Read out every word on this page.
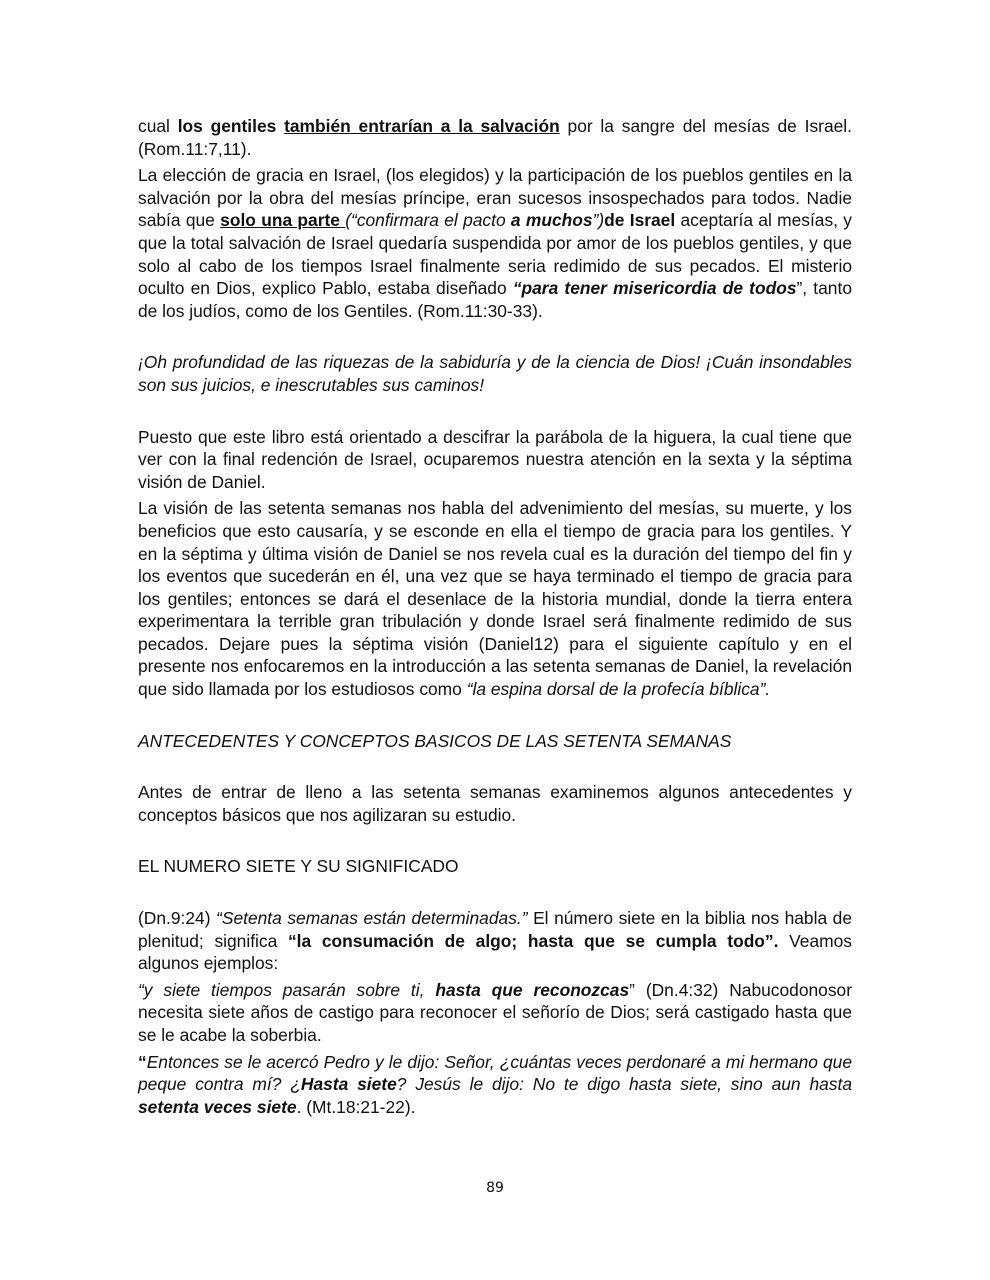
cual los gentiles también entrarían a la salvación por la sangre del mesías de Israel. (Rom.11:7,11).

La elección de gracia en Israel, (los elegidos) y la participación de los pueblos gentiles en la salvación por la obra del mesías príncipe, eran sucesos insospechados para todos. Nadie sabía que solo una parte (“confirmara el pacto a muchos”)de Israel aceptaría al mesías, y que la total salvación de Israel quedaría suspendida por amor de los pueblos gentiles, y que solo al cabo de los tiempos Israel finalmente seria redimido de sus pecados. El misterio oculto en Dios, explico Pablo, estaba diseñado “para tener misericordia de todos”, tanto de los judíos, como de los Gentiles. (Rom.11:30-33).

¡Oh profundidad de las riquezas de la sabiduría y de la ciencia de Dios! ¡Cuán insondables son sus juicios, e inescrutables sus caminos!

Puesto que este libro está orientado a descifrar la parábola de la higuera, la cual tiene que ver con la final redención de Israel, ocuparemos nuestra atención en la sexta y la séptima visión de Daniel.

La visión de las setenta semanas nos habla del advenimiento del mesías, su muerte, y los beneficios que esto causaría, y se esconde en ella el tiempo de gracia para los gentiles. Y en la séptima y última visión de Daniel se nos revela cual es la duración del tiempo del fin y los eventos que sucederán en él, una vez que se haya terminado el tiempo de gracia para los gentiles; entonces se dará el desenlace de la historia mundial, donde la tierra entera experimentara la terrible gran tribulación y donde Israel será finalmente redimido de sus pecados. Dejare pues la séptima visión (Daniel12) para el siguiente capítulo y en el presente nos enfocaremos en la introducción a las setenta semanas de Daniel, la revelación que sido llamada por los estudiosos como “la espina dorsal de la profecía bíblica”.

ANTECEDENTES Y CONCEPTOS BASICOS DE LAS SETENTA SEMANAS

Antes de entrar de lleno a las setenta semanas examinemos algunos antecedentes y conceptos básicos que nos agilizaran su estudio.

EL NUMERO SIETE Y SU SIGNIFICADO

(Dn.9:24) “Setenta semanas están determinadas.” El número siete en la biblia nos habla de plenitud; significa “la consumación de algo; hasta que se cumpla todo”. Veamos algunos ejemplos:

“y siete tiempos pasarán sobre ti, hasta que reconozcas” (Dn.4:32) Nabucodonosor necesita siete años de castigo para reconocer el señorío de Dios; será castigado hasta que se le acabe la soberbia.

“Entonces se le acercó Pedro y le dijo: Señor, ¿cuántas veces perdonaré a mi hermano que peque contra mí? ¿Hasta siete? Jesús le dijo: No te digo hasta siete, sino aun hasta setenta veces siete. (Mt.18:21-22).

89
